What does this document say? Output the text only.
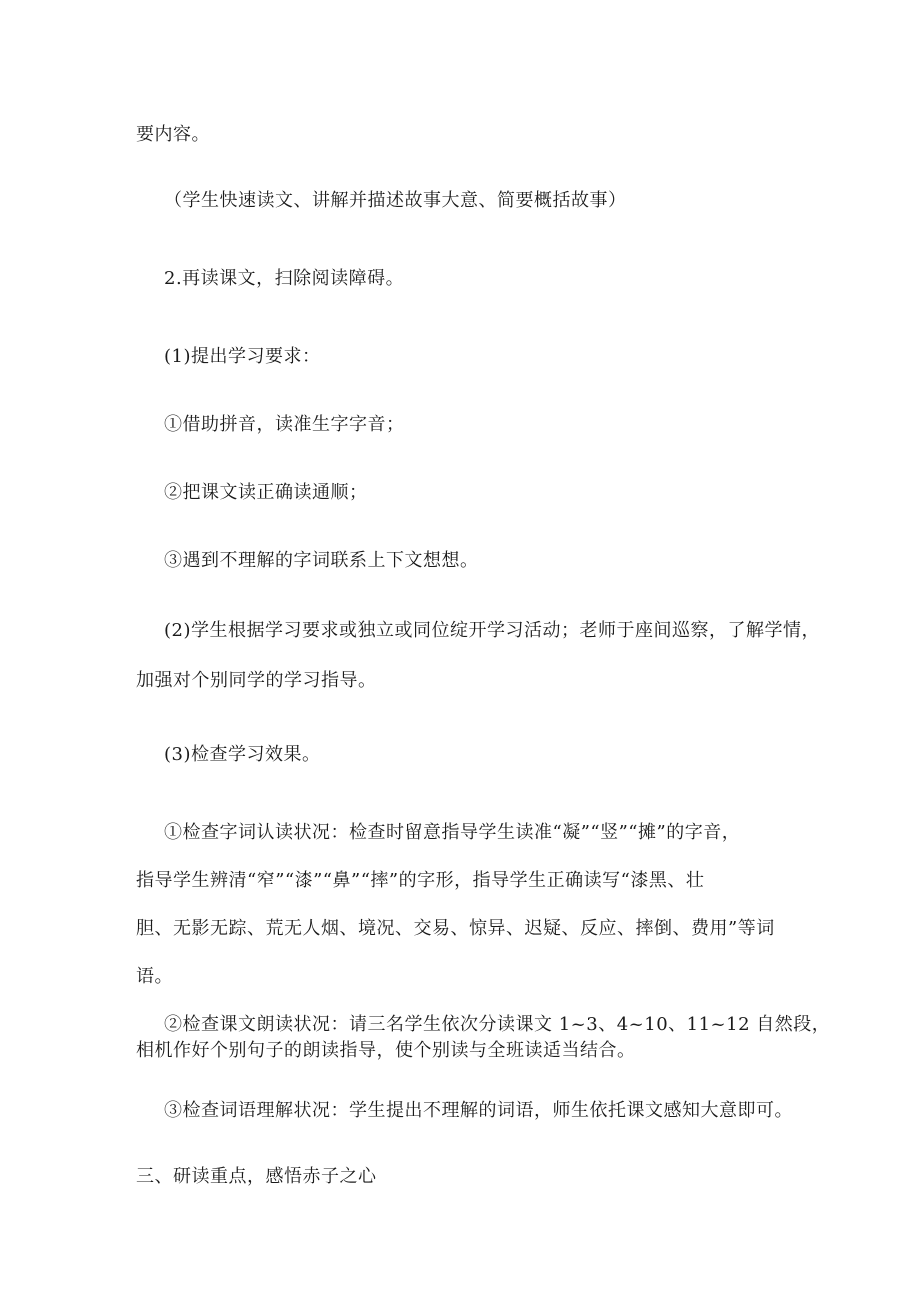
要内容。
（学生快速读文、讲解并描述故事大意、简要概括故事）
2.再读课文，扫除阅读障碍。
(1)提出学习要求：
①借助拼音，读准生字字音；
②把课文读正确读通顺；
③遇到不理解的字词联系上下文想想。
(2)学生根据学习要求或独立或同位绽开学习活动；老师于座间巡察，了解学情，
加强对个别同学的学习指导。
(3)检查学习效果。
①检查字词认读状况：检查时留意指导学生读准“凝”“竖”“摊”的字音，
指导学生辨清“窄”“漆”“鼻”“摔”的字形，指导学生正确读写“漆黑、壮
胆、无影无踪、荒无人烟、境况、交易、惊异、迟疑、反应、摔倒、费用”等词
语。
②检查课文朗读状况：请三名学生依次分读课文 1~3、4~10、11~12 自然段，
相机作好个别句子的朗读指导，使个别读与全班读适当结合。
③检查词语理解状况：学生提出不理解的词语，师生依托课文感知大意即可。
三、研读重点，感悟赤子之心
